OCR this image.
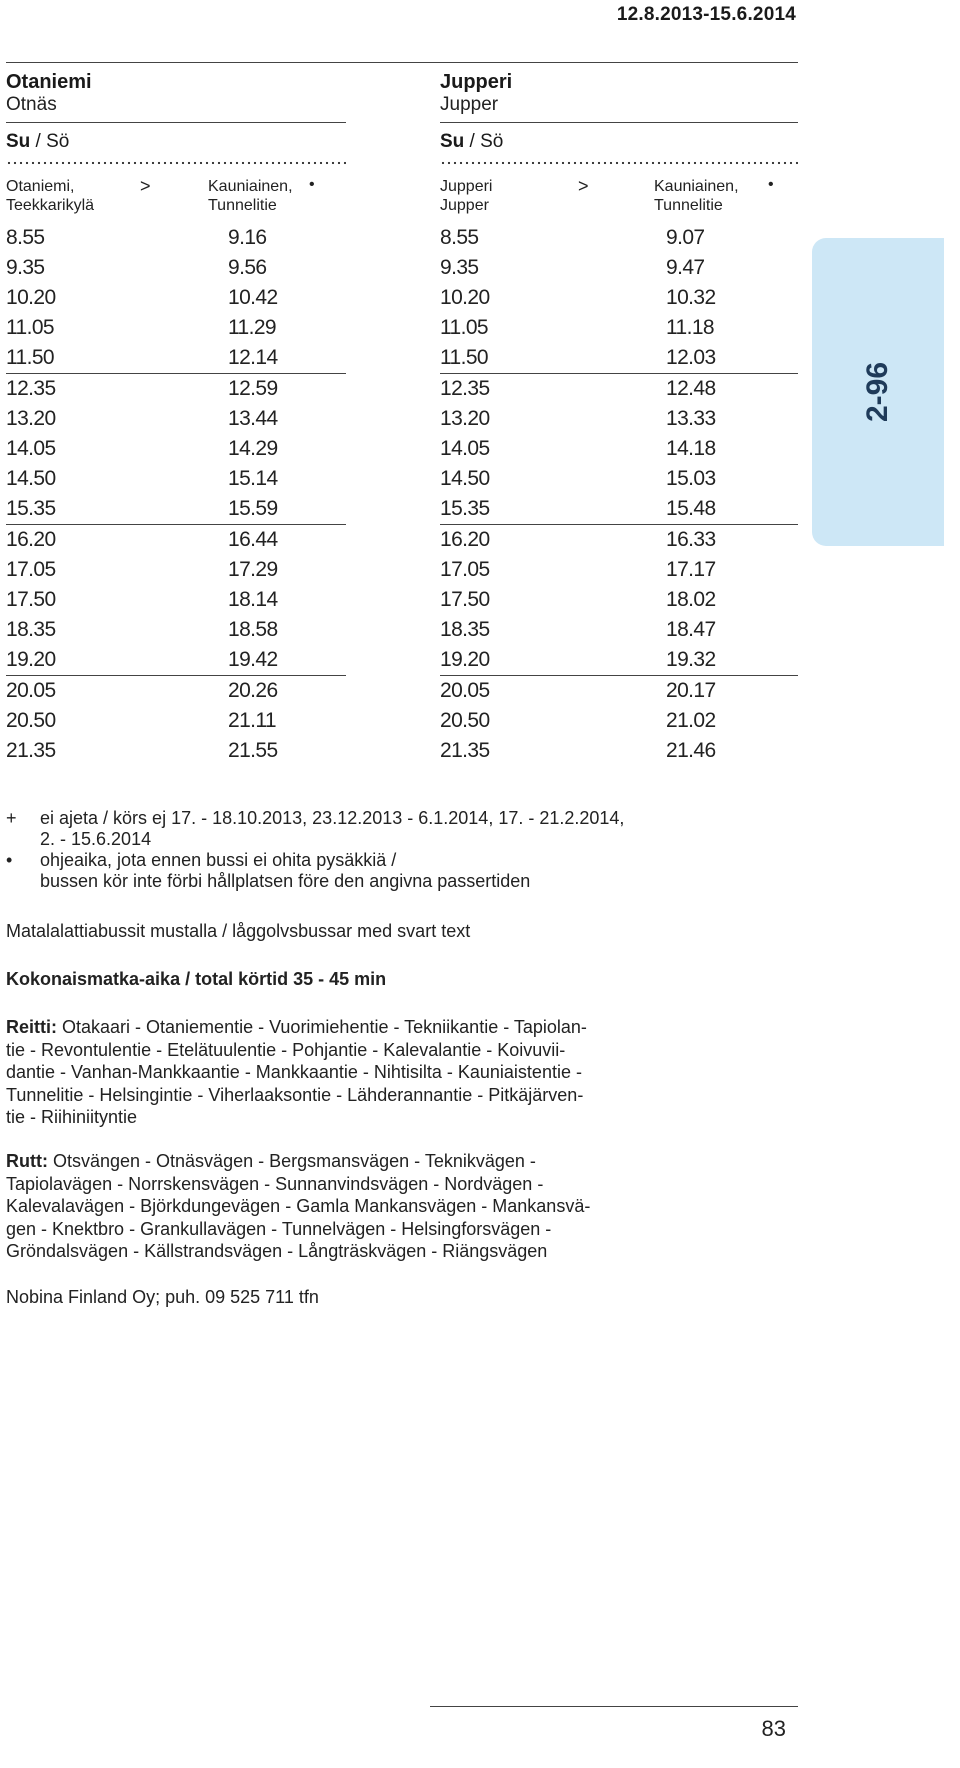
12.8.2013-15.6.2014
Otaniemi
Otnäs
Su / Sö
Otaniemi,
Teekkarikylä
>	Kauniainen,
Tunnelitie
•
8.55	9.16
9.35	9.56
10.20	10.42
11.05	11.29
11.50	12.14
12.35	12.59
13.20	13.44
14.05	14.29
14.50	15.14
15.35	15.59
16.20	16.44
17.05	17.29
17.50	18.14
18.35	18.58
19.20	19.42
20.05	20.26
20.50	21.11
21.35	21.55
Jupperi
Jupper
Su / Sö
Jupperi
Jupper
>	Kauniainen,
Tunnelitie
•
8.55	9.07
9.35	9.47
10.20	10.32
11.05	11.18
11.50	12.03
12.35	12.48
13.20	13.33
14.05	14.18
14.50	15.03
15.35	15.48
16.20	16.33
17.05	17.17
17.50	18.02
18.35	18.47
19.20	19.32
20.05	20.17
20.50	21.02
21.35	21.46
+ ei ajeta / körs ej 17. - 18.10.2013, 23.12.2013 - 6.1.2014, 17. - 21.2.2014,
2. - 15.6.2014
• ohjeaika, jota ennen bussi ei ohita pysäkkiä /
bussen kör inte förbi hållplatsen före den angivna passertiden
Matalalattiabussit mustalla / låggolvsbussar med svart text
Kokonaismatka-aika / total körtid 35 - 45 min
Reitti: Otakaari - Otaniementie - Vuorimiehentie - Tekniikantie - Tapiolan-
tie - Revontulentie - Etelätuulentie - Pohjantie - Kalevalantie - Koivuvii-
dantie - Vanhan-Mankkaantie - Mankkaantie - Nihtisilta - Kauniaistentie -
Tunnelitie - Helsingintie - Viherlaaksontie - Lähderannantie - Pitkäjärven-
tie - Riihiniityntie
Rutt: Otsvängen - Otnäsvägen - Bergsmansvägen - Teknikvägen -
Tapiolavägen - Norrskensvägen - Sunnanvindsvägen - Nordvägen -
Kalevalavägen - Björkdungevägen - Gamla Mankansvägen - Mankansvä-
gen - Knektbro - Grankullavägen - Tunnelvägen - Helsingforsvägen -
Gröndalsvägen - Källstrandsvägen - Långträskvägen - Riängsvägen
Nobina Finland Oy; puh. 09 525 711 tfn
2-96
83
